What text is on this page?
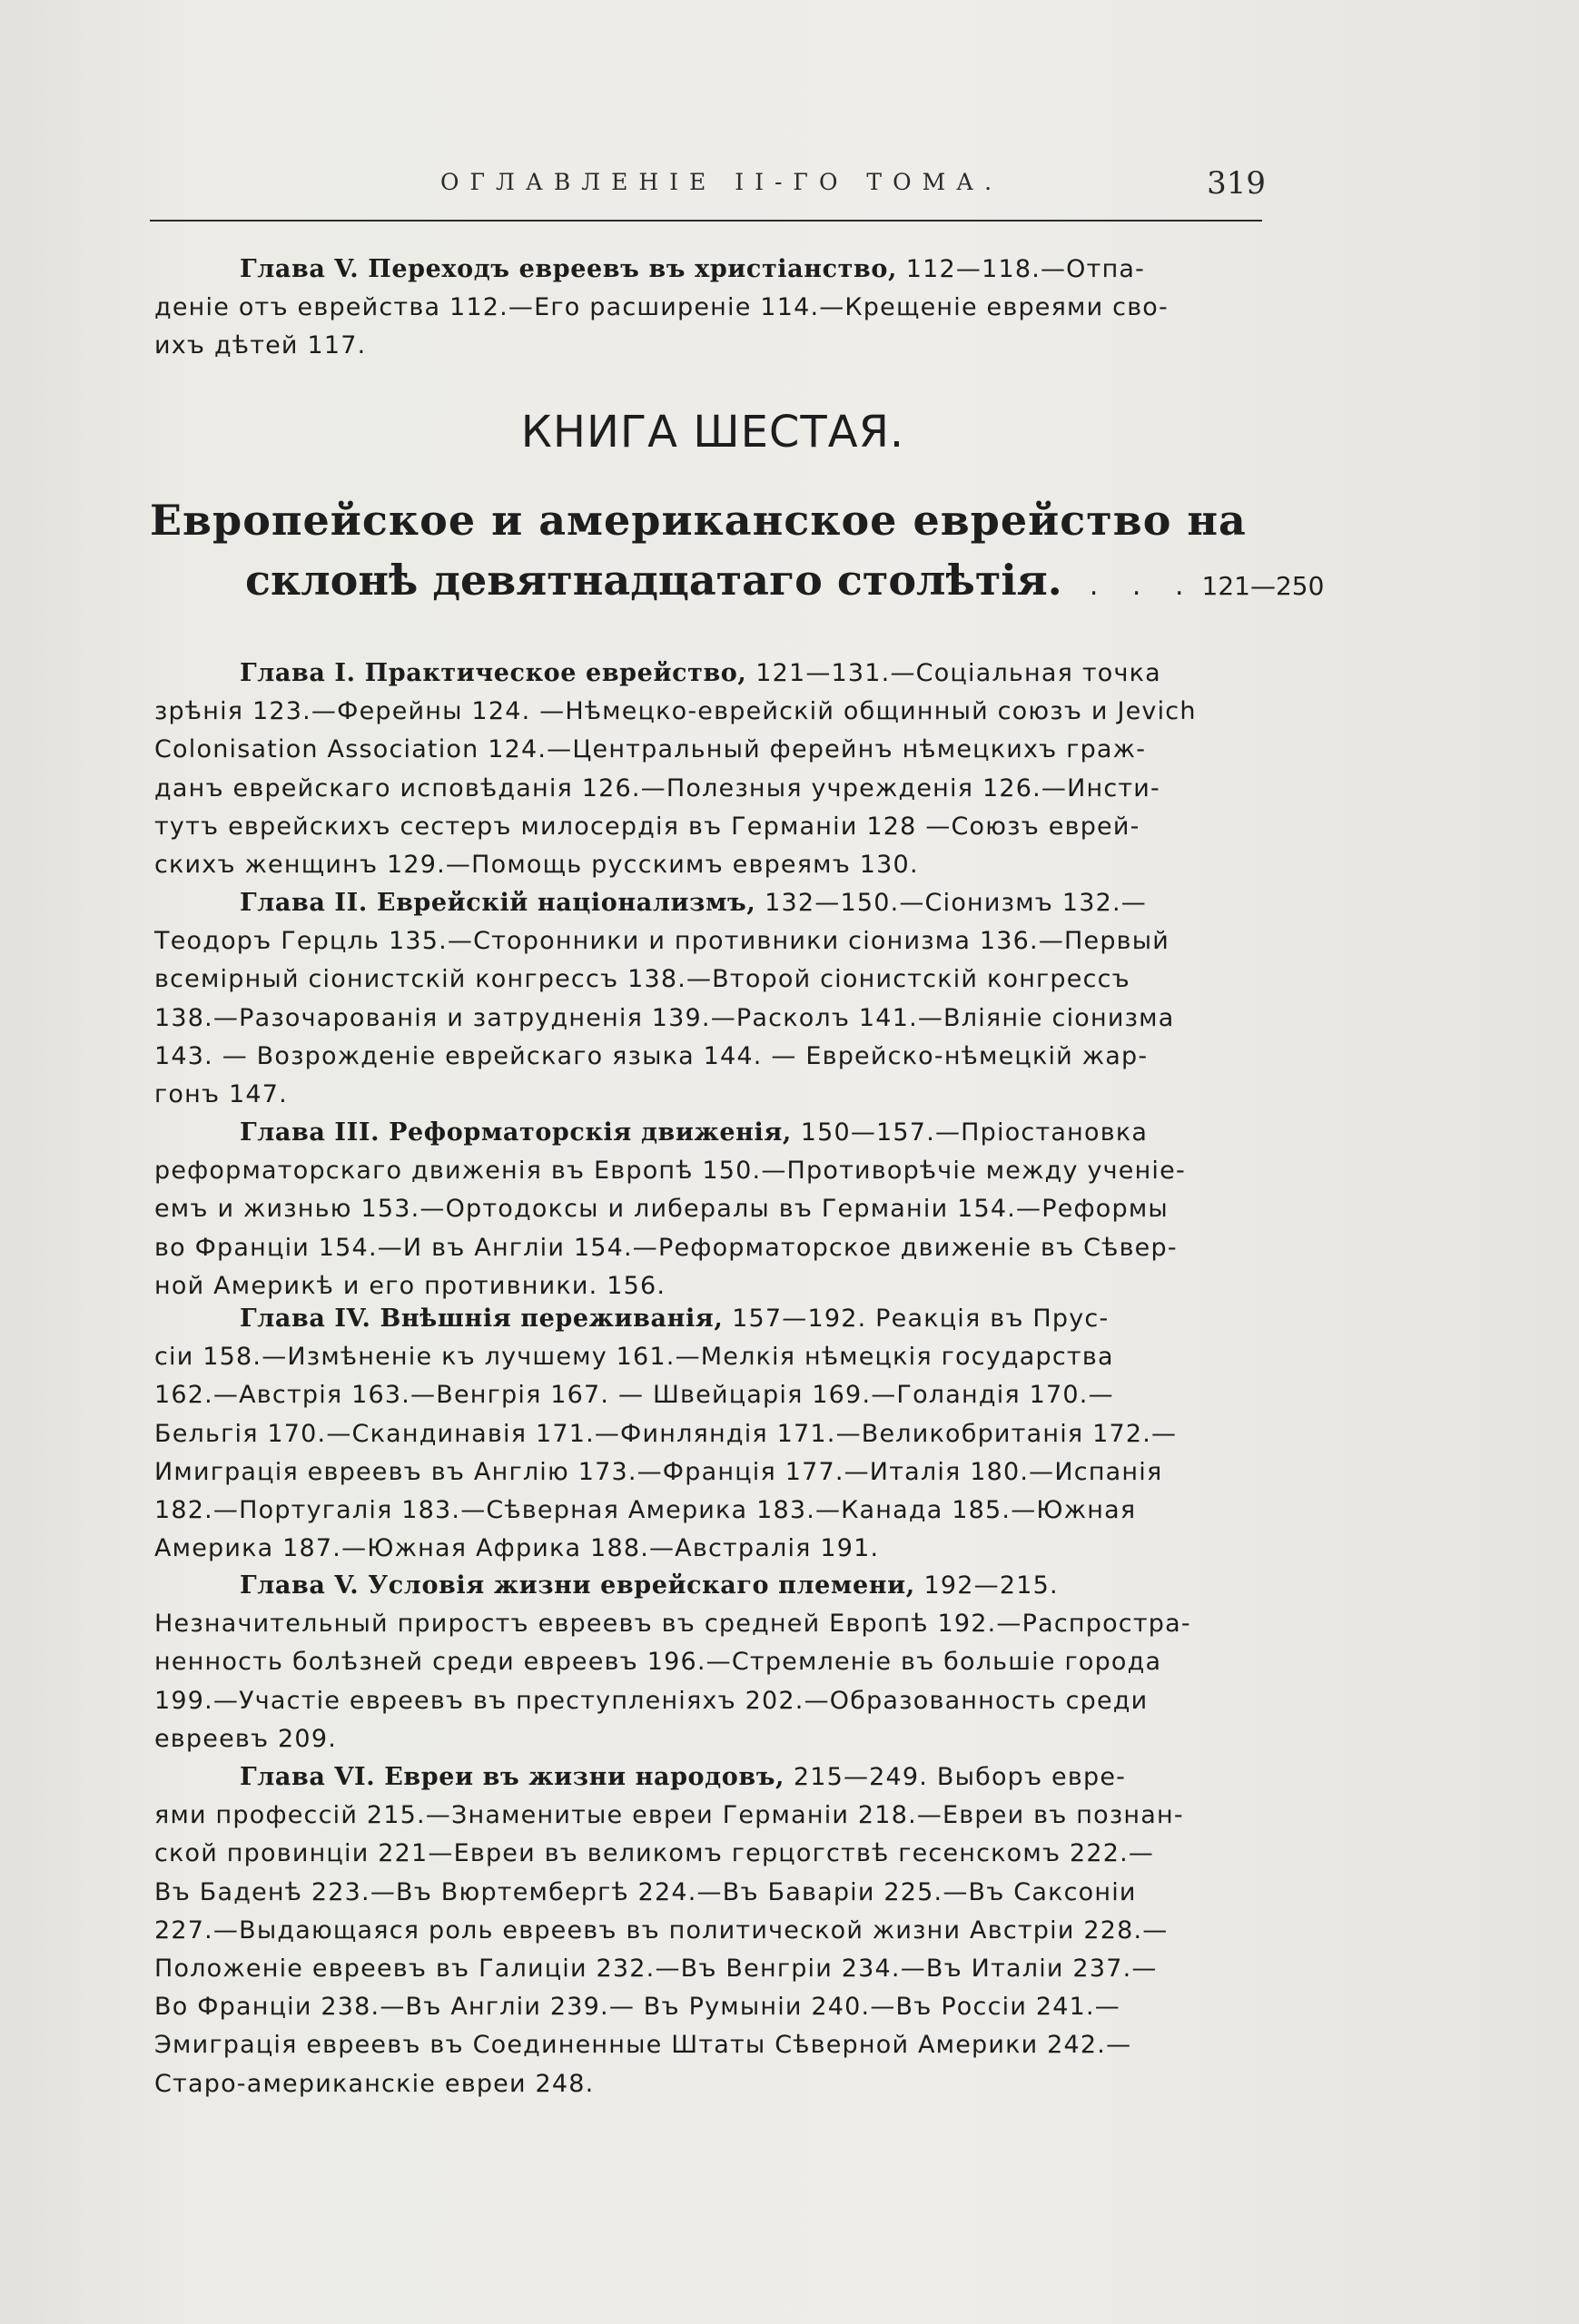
ОГЛАВЛЕНІЕ II-ГО ТОМА.	319
Глава V. Переходъ евреевъ въ христіанство, 112—118.—Отпа-
деніе отъ еврейства 112.—Его расширеніе 114.—Крещеніе евреями сво-
ихъ дѣтей 117.
КНИГА ШЕСТАЯ.
Европейское и американское еврейство на
склонѣ девятнадцатаго столѣтія. . . . 121—250
Глава I. Практическое еврейство, 121—131.—Соціальная точка
зрѣнія 123.—Ферейны 124. —Нѣмецко-еврейскій общинный союзъ и Jevich
Colonisation Association 124.—Центральный ферейнъ нѣмецкихъ граж-
данъ еврейскаго исповѣданія 126.—Полезныя учрежденія 126.—Инсти-
тутъ еврейскихъ сестеръ милосердія въ Германіи 128 —Союзъ еврей-
скихъ женщинъ 129.—Помощь русскимъ евреямъ 130.
Глава II. Еврейскій націонализмъ, 132—150.—Сіонизмъ 132.—
Теодоръ Герцль 135.—Сторонники и противники сіонизма 136.—Первый
всемірный сіонистскій конгрессъ 138.—Второй сіонистскій конгрессъ
138.—Разочарованія и затрудненія 139.—Расколъ 141.—Вліяніе сіонизма
143. — Возрожденіе еврейскаго языка 144. — Еврейско-нѣмецкій жар-
гонъ 147.
Глава III. Реформаторскія движенія, 150—157.—Пріостановка
реформаторскаго движенія въ Европѣ 150.—Противорѣчіе между ученіе-
емъ и жизнью 153.—Ортодоксы и либералы въ Германіи 154.—Реформы
во Франціи 154.—И въ Англіи 154.—Реформаторское движеніе въ Сѣвер-
ной Америкѣ и его противники. 156.
Глава IV. Внѣшнія переживанія, 157—192. Реакція въ Прус-
сіи 158.—Измѣненіе къ лучшему 161.—Мелкія нѣмецкія государства
162.—Австрія 163.—Венгрія 167. — Швейцарія 169.—Голандія 170.—
Бельгія 170.—Скандинавія 171.—Финляндія 171.—Великобританія 172.—
Имиграція евреевъ въ Англію 173.—Франція 177.—Италія 180.—Испанія
182.—Португалія 183.—Сѣверная Америка 183.—Канада 185.—Южная
Америка 187.—Южная Африка 188.—Австралія 191.
Глава V. Условія жизни еврейскаго племени, 192—215.
Незначительный приростъ евреевъ въ средней Европѣ 192.—Распростра-
ненность болѣзней среди евреевъ 196.—Стремленіе въ большіе города
199.—Участіе евреевъ въ преступленіяхъ 202.—Образованность среди
евреевъ 209.
Глава VI. Евреи въ жизни народовъ, 215—249. Выборъ евре-
ями профессій 215.—Знаменитые евреи Германіи 218.—Евреи въ познан-
ской провинціи 221—Евреи въ великомъ герцогствѣ гесенскомъ 222.—
Въ Баденѣ 223.—Въ Вюртембергѣ 224.—Въ Баваріи 225.—Въ Саксоніи
227.—Выдающаяся роль евреевъ въ политической жизни Австріи 228.—
Положеніе евреевъ въ Галиціи 232.—Въ Венгріи 234.—Въ Италіи 237.—
Во Франціи 238.—Въ Англіи 239.— Въ Румыніи 240.—Въ Россіи 241.—
Эмиграція евреевъ въ Соединенные Штаты Сѣверной Америки 242.—
Старо-американскіе евреи 248.
